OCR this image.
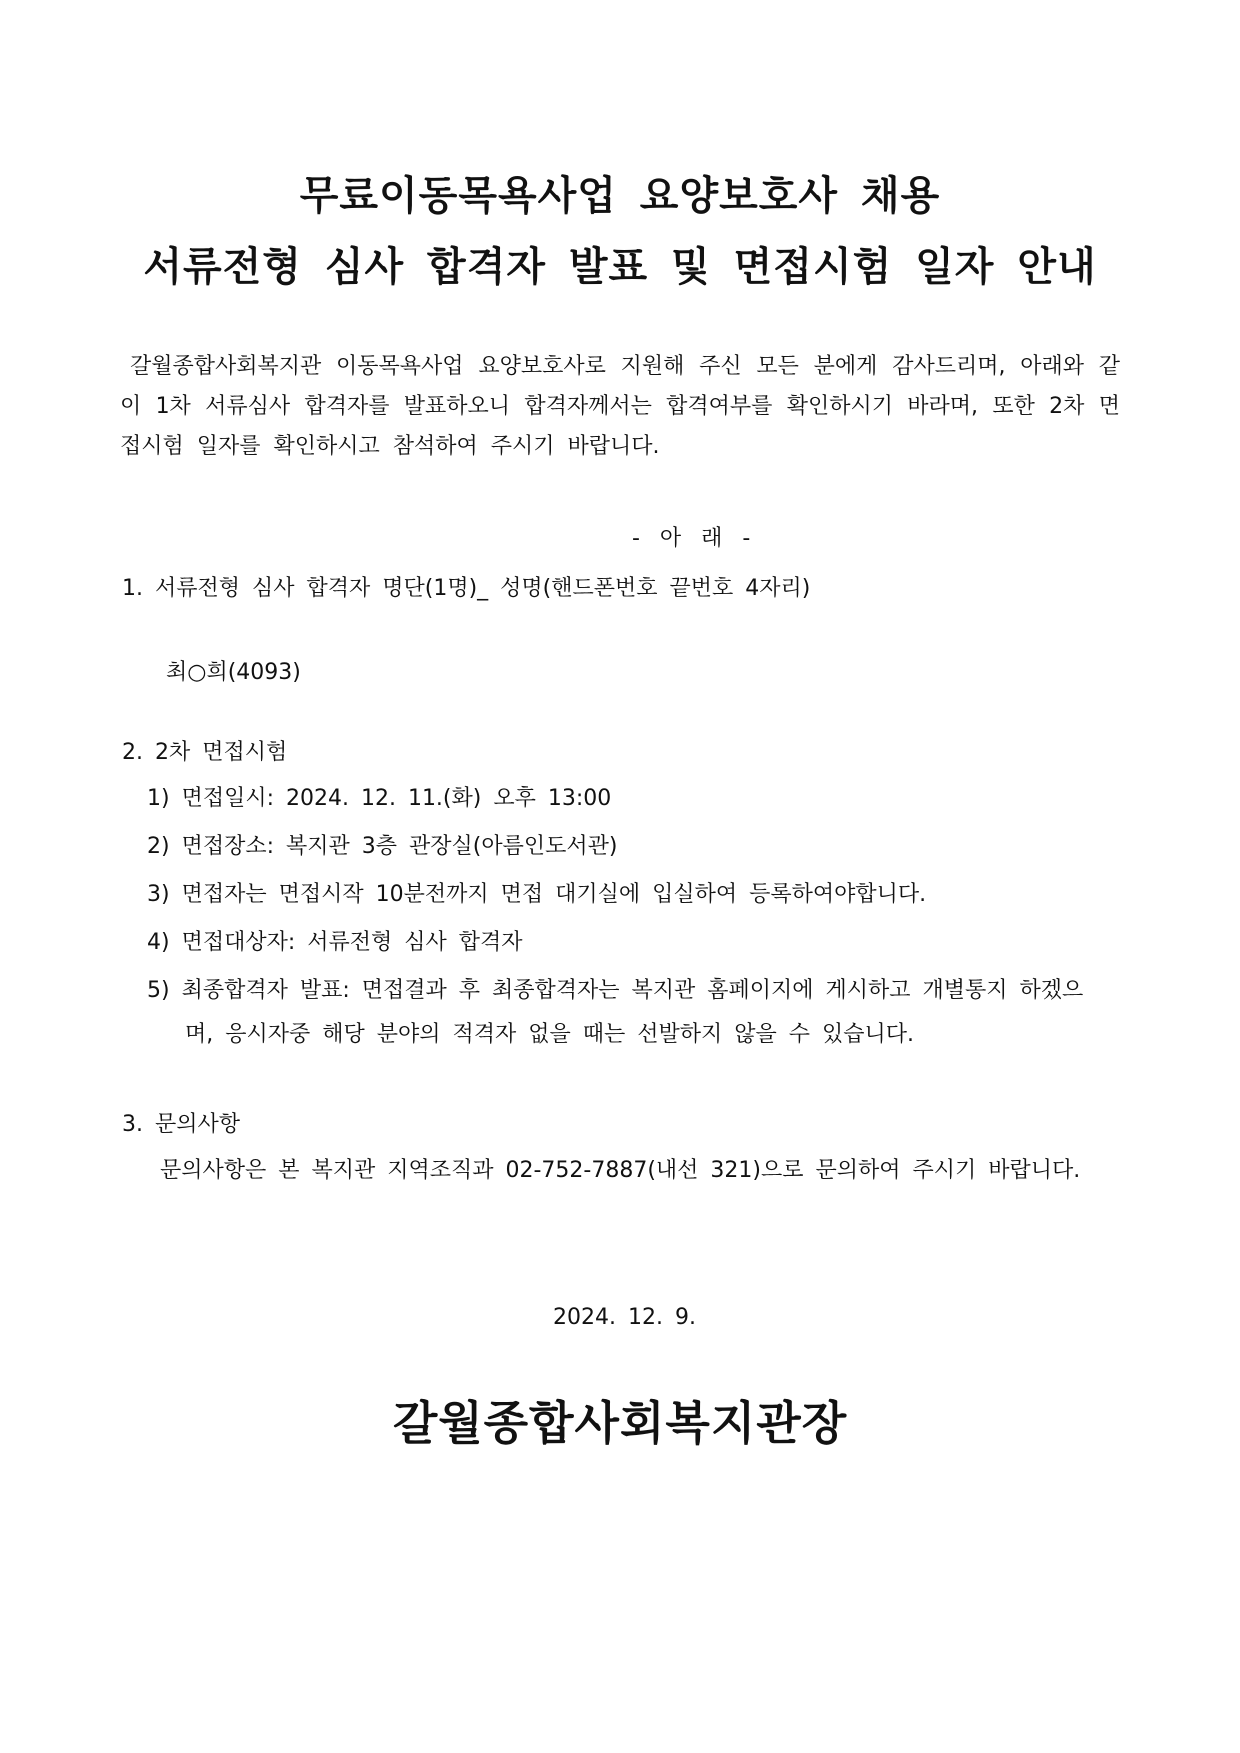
무료이동목욕사업 요양보호사 채용
서류전형 심사 합격자 발표 및 면접시험 일자 안내

갈월종합사회복지관 이동목욕사업 요양보호사로 지원해 주신 모든 분에게 감사드리며, 아래와 같이 1차 서류심사 합격자를 발표하오니 합격자께서는 합격여부를 확인하시기 바라며, 또한 2차 면접시험 일자를 확인하시고 참석하여 주시기 바랍니다.

- 아 래 -
1. 서류전형 심사 합격자 명단(1명)_ 성명(핸드폰번호 끝번호 4자리)
최○희(4093)
2. 2차 면접시험
1) 면접일시: 2024. 12. 11.(화) 오후 13:00
2) 면접장소: 복지관 3층 관장실(아름인도서관)
3) 면접자는 면접시작 10분전까지 면접 대기실에 입실하여 등록하여야합니다.
4) 면접대상자: 서류전형 심사 합격자
5) 최종합격자 발표: 면접결과 후 최종합격자는 복지관 홈페이지에 게시하고 개별통지 하겠으
며, 응시자중 해당 분야의 적격자 없을 때는 선발하지 않을 수 있습니다.
3. 문의사항
문의사항은 본 복지관 지역조직과 02-752-7887(내선 321)으로 문의하여 주시기 바랍니다.
2024. 12. 9.
갈월종합사회복지관장
